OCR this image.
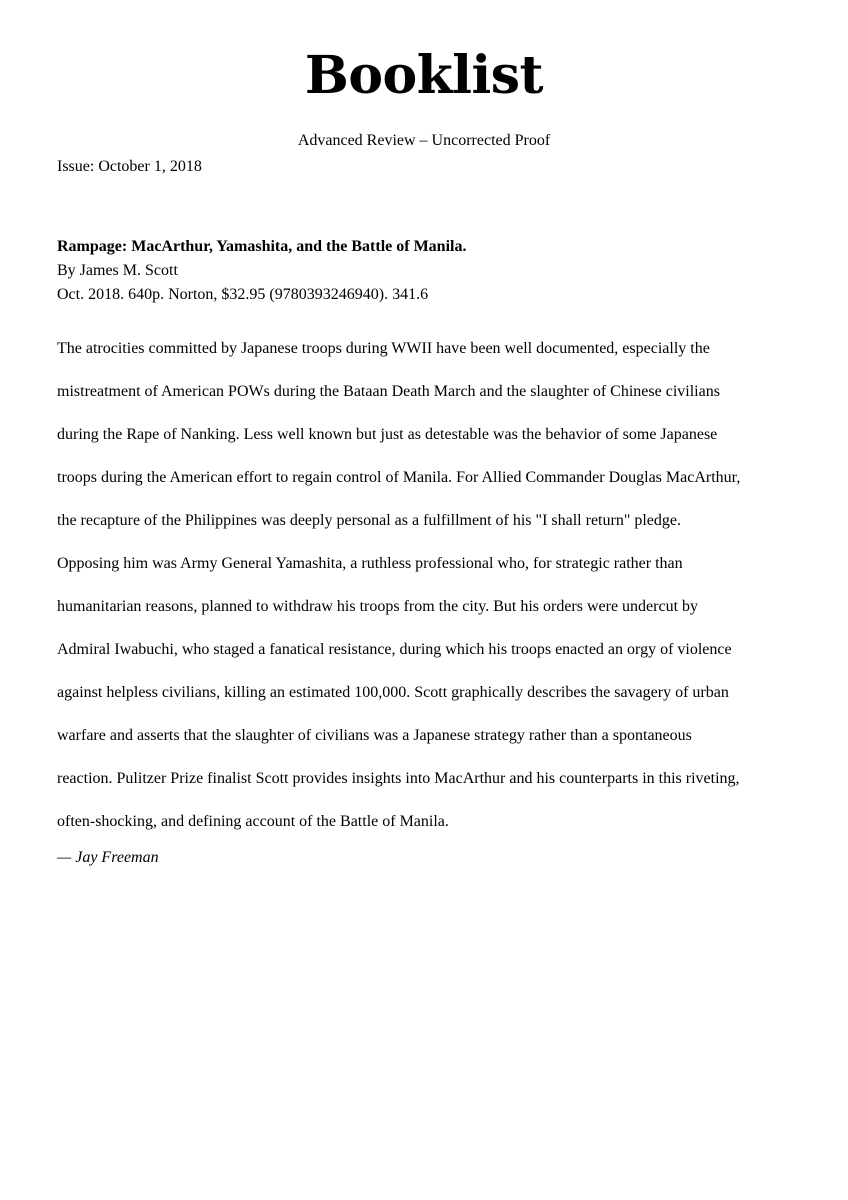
Booklist
Advanced Review – Uncorrected Proof
Issue: October 1, 2018
Rampage: MacArthur, Yamashita, and the Battle of Manila.
By James M. Scott
Oct. 2018. 640p. Norton, $32.95 (9780393246940). 341.6
The atrocities committed by Japanese troops during WWII have been well documented, especially the
mistreatment of American POWs during the Bataan Death March and the slaughter of Chinese civilians
during the Rape of Nanking. Less well known but just as detestable was the behavior of some Japanese
troops during the American effort to regain control of Manila. For Allied Commander Douglas MacArthur,
the recapture of the Philippines was deeply personal as a fulfillment of his "I shall return" pledge.
Opposing him was Army General Yamashita, a ruthless professional who, for strategic rather than
humanitarian reasons, planned to withdraw his troops from the city. But his orders were undercut by
Admiral Iwabuchi, who staged a fanatical resistance, during which his troops enacted an orgy of violence
against helpless civilians, killing an estimated 100,000. Scott graphically describes the savagery of urban
warfare and asserts that the slaughter of civilians was a Japanese strategy rather than a spontaneous
reaction. Pulitzer Prize finalist Scott provides insights into MacArthur and his counterparts in this riveting,
often-shocking, and defining account of the Battle of Manila.
— Jay Freeman
